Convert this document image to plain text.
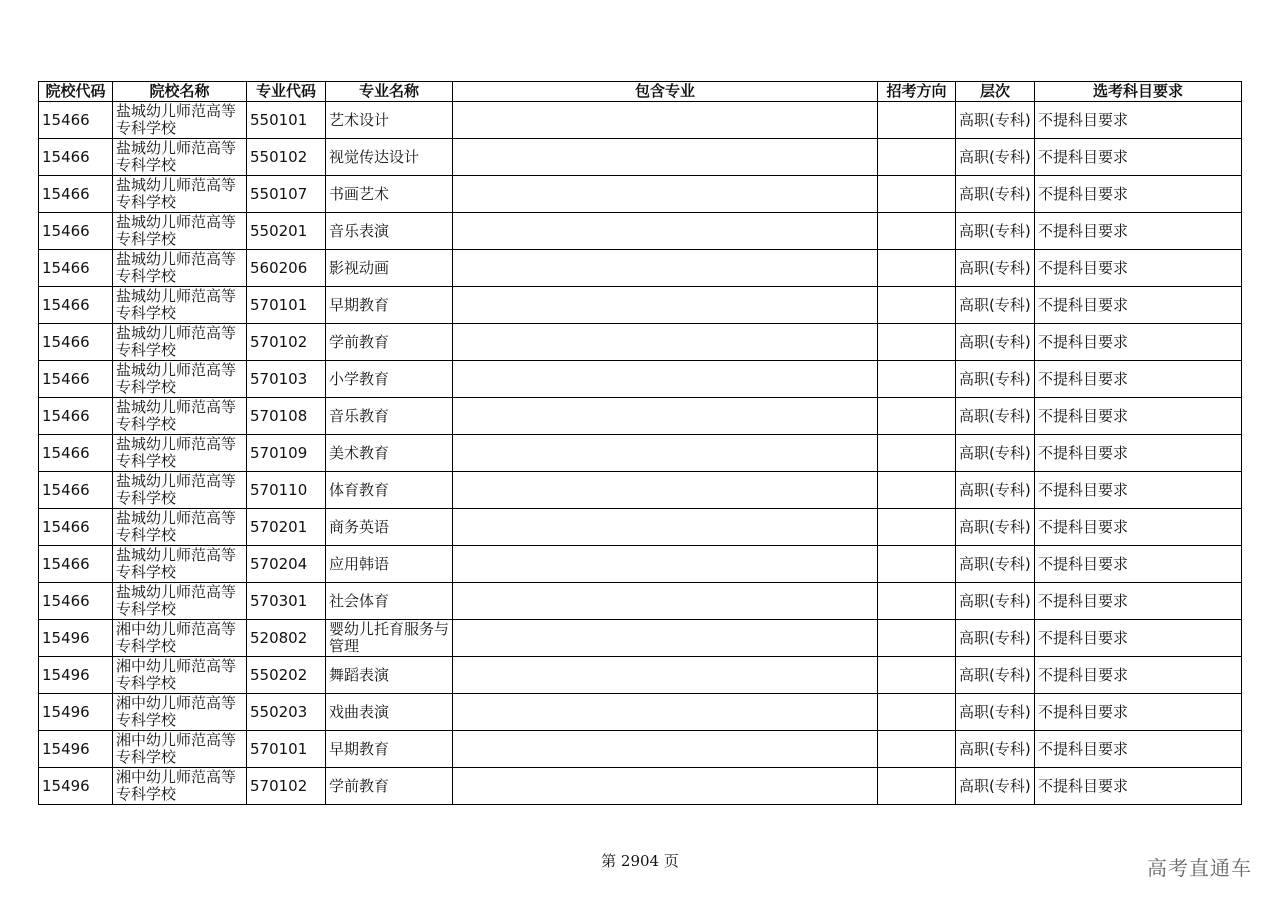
院校代码	院校名称	专业代码	专业名称	包含专业	招考方向	层次	选考科目要求
15466	盐城幼儿师范高等专科学校	550101	艺术设计			高职(专科)	不提科目要求
15466	盐城幼儿师范高等专科学校	550102	视觉传达设计			高职(专科)	不提科目要求
15466	盐城幼儿师范高等专科学校	550107	书画艺术			高职(专科)	不提科目要求
15466	盐城幼儿师范高等专科学校	550201	音乐表演			高职(专科)	不提科目要求
15466	盐城幼儿师范高等专科学校	560206	影视动画			高职(专科)	不提科目要求
15466	盐城幼儿师范高等专科学校	570101	早期教育			高职(专科)	不提科目要求
15466	盐城幼儿师范高等专科学校	570102	学前教育			高职(专科)	不提科目要求
15466	盐城幼儿师范高等专科学校	570103	小学教育			高职(专科)	不提科目要求
15466	盐城幼儿师范高等专科学校	570108	音乐教育			高职(专科)	不提科目要求
15466	盐城幼儿师范高等专科学校	570109	美术教育			高职(专科)	不提科目要求
15466	盐城幼儿师范高等专科学校	570110	体育教育			高职(专科)	不提科目要求
15466	盐城幼儿师范高等专科学校	570201	商务英语			高职(专科)	不提科目要求
15466	盐城幼儿师范高等专科学校	570204	应用韩语			高职(专科)	不提科目要求
15466	盐城幼儿师范高等专科学校	570301	社会体育			高职(专科)	不提科目要求
15496	湘中幼儿师范高等专科学校	520802	婴幼儿托育服务与管理			高职(专科)	不提科目要求
15496	湘中幼儿师范高等专科学校	550202	舞蹈表演			高职(专科)	不提科目要求
15496	湘中幼儿师范高等专科学校	550203	戏曲表演			高职(专科)	不提科目要求
15496	湘中幼儿师范高等专科学校	570101	早期教育			高职(专科)	不提科目要求
15496	湘中幼儿师范高等专科学校	570102	学前教育			高职(专科)	不提科目要求
第 2904 页	高考直通车
